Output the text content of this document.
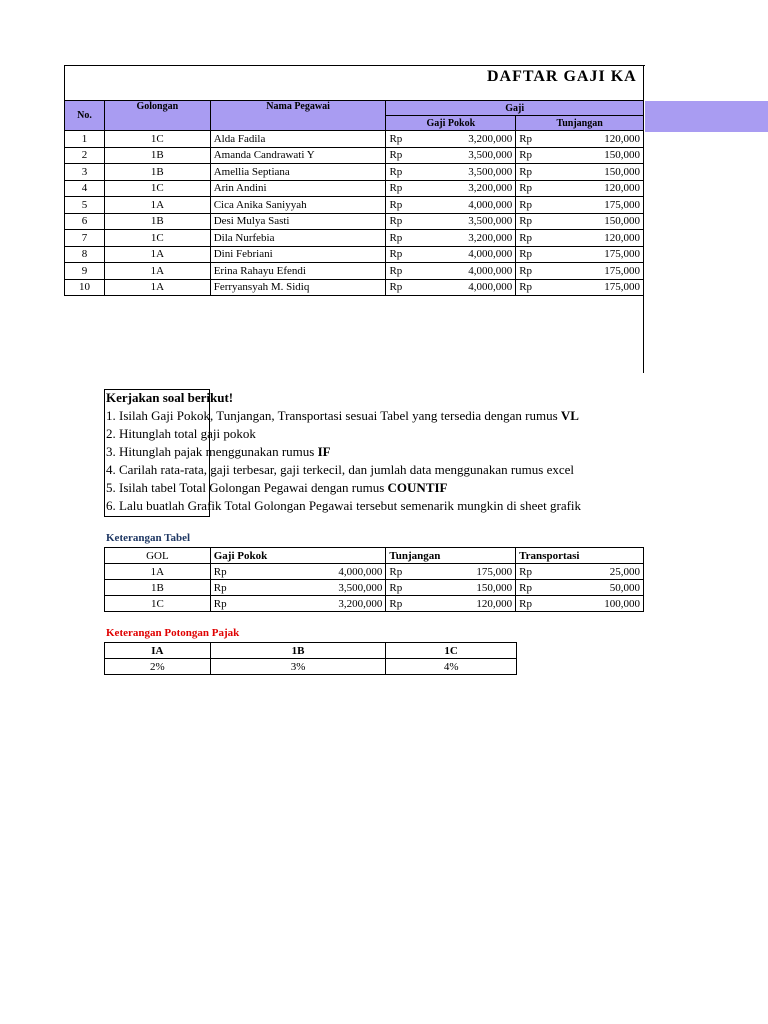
DAFTAR GAJI KA
No.	Golongan	Nama Pegawai	Gaji	
			Gaji Pokok	Tunjangan
1	1C	Alda Fadila	Rp 3,200,000	Rp 120,000

2	1B	Amanda Candrawati Y	Rp 3,500,000	Rp 150,000

3	1B	Amellia Septiana	Rp 3,500,000	Rp 150,000

4	1C	Arin Andini	Rp 3,200,000	Rp 120,000

5	1A	Cica Anika Saniyyah	Rp 4,000,000	Rp 175,000

6	1B	Desi Mulya Sasti	Rp 3,500,000	Rp 150,000

7	1C	Dila Nurfebia	Rp 3,200,000	Rp 120,000

8	1A	Dini Febriani	Rp 4,000,000	Rp 175,000

9	1A	Erina Rahayu Efendi	Rp 4,000,000	Rp 175,000

10	1A	Ferryansyah M. Sidiq	Rp 4,000,000	Rp 175,000
Kerjakan soal berikut!
1. Isilah Gaji Pokok, Tunjangan, Transportasi sesuai Tabel yang tersedia dengan rumus VL
2. Hitunglah total gaji pokok
3. Hitunglah pajak menggunakan rumus IF
4. Carilah rata-rata, gaji terbesar, gaji terkecil, dan jumlah data menggunakan rumus excel
5. Isilah tabel Total Golongan Pegawai dengan rumus COUNTIF
6. Lalu buatlah Grafik Total Golongan Pegawai tersebut semenarik mungkin di sheet grafik
Keterangan Tabel
GOL	Gaji Pokok	Tunjangan	Transportasi
1A	Rp 4,000,000	Rp 175,000	Rp 25,000

1B	Rp 3,500,000	Rp 150,000	Rp 50,000

1C	Rp 3,200,000	Rp 120,000	Rp 100,000
Keterangan Potongan Pajak
IA	1B	1C
2%	3%	4%
